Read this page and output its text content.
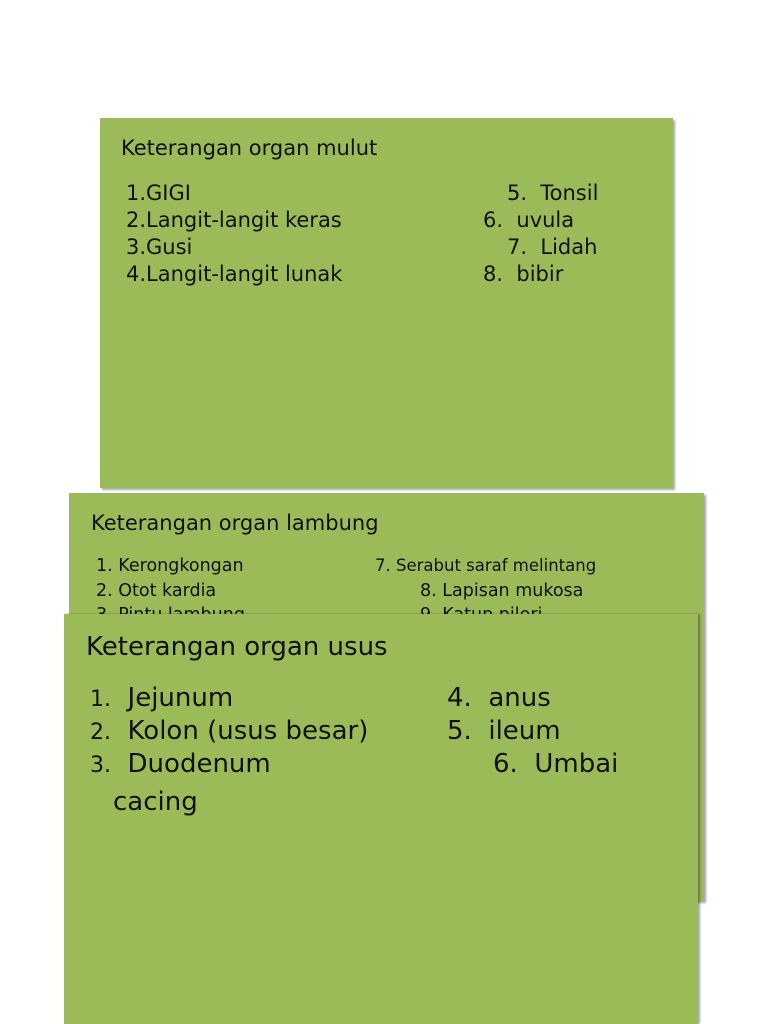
Keterangan organ mulut
1.GIGI
2.Langit-langit keras
3.Gusi
4.Langit-langit lunak
5.  Tonsil
6.  uvula
7.  Lidah
8.  bibir
Keterangan organ lambung
1. Kerongkongan
2. Otot kardia
7. Serabut saraf melintang
8. Lapisan mukosa
Keterangan organ usus
1. Jejunum
2. Kolon (usus besar)
3. Duodenum
4. anus
5. ileum
6. Umbai
cacing
